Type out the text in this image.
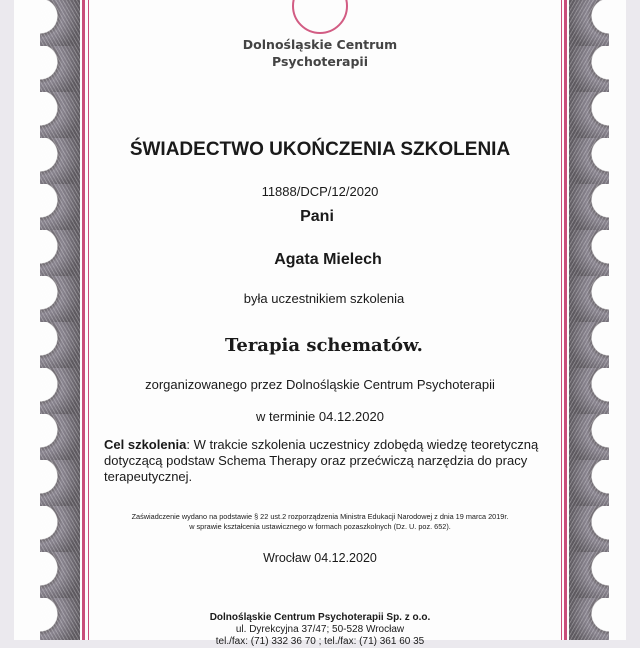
Dolnośląskie Centrum
Psychoterapii
ŚWIADECTWO UKOŃCZENIA SZKOLENIA
11888/DCP/12/2020
Pani
Agata Mielech
była uczestnikiem szkolenia
Terapia schematów.
zorganizowanego przez Dolnośląskie Centrum Psychoterapii
w terminie 04.12.2020
Cel szkolenia: W trakcie szkolenia uczestnicy zdobędą wiedzę teoretyczną dotyczącą podstaw Schema Therapy oraz przećwiczą narzędzia do pracy terapeutycznej.
Zaświadczenie wydano na podstawie § 22 ust.2 rozporządzenia Ministra Edukacji Narodowej z dnia 19 marca 2019r.
w sprawie kształcenia ustawicznego w formach pozaszkolnych (Dz. U. poz. 652).
Wrocław 04.12.2020
Dolnośląskie Centrum Psychoterapii Sp. z o.o.
ul. Dyrekcyjna 37/47; 50-528 Wrocław
tel./fax: (71) 332 36 70 ; tel./fax: (71) 361 60 35
